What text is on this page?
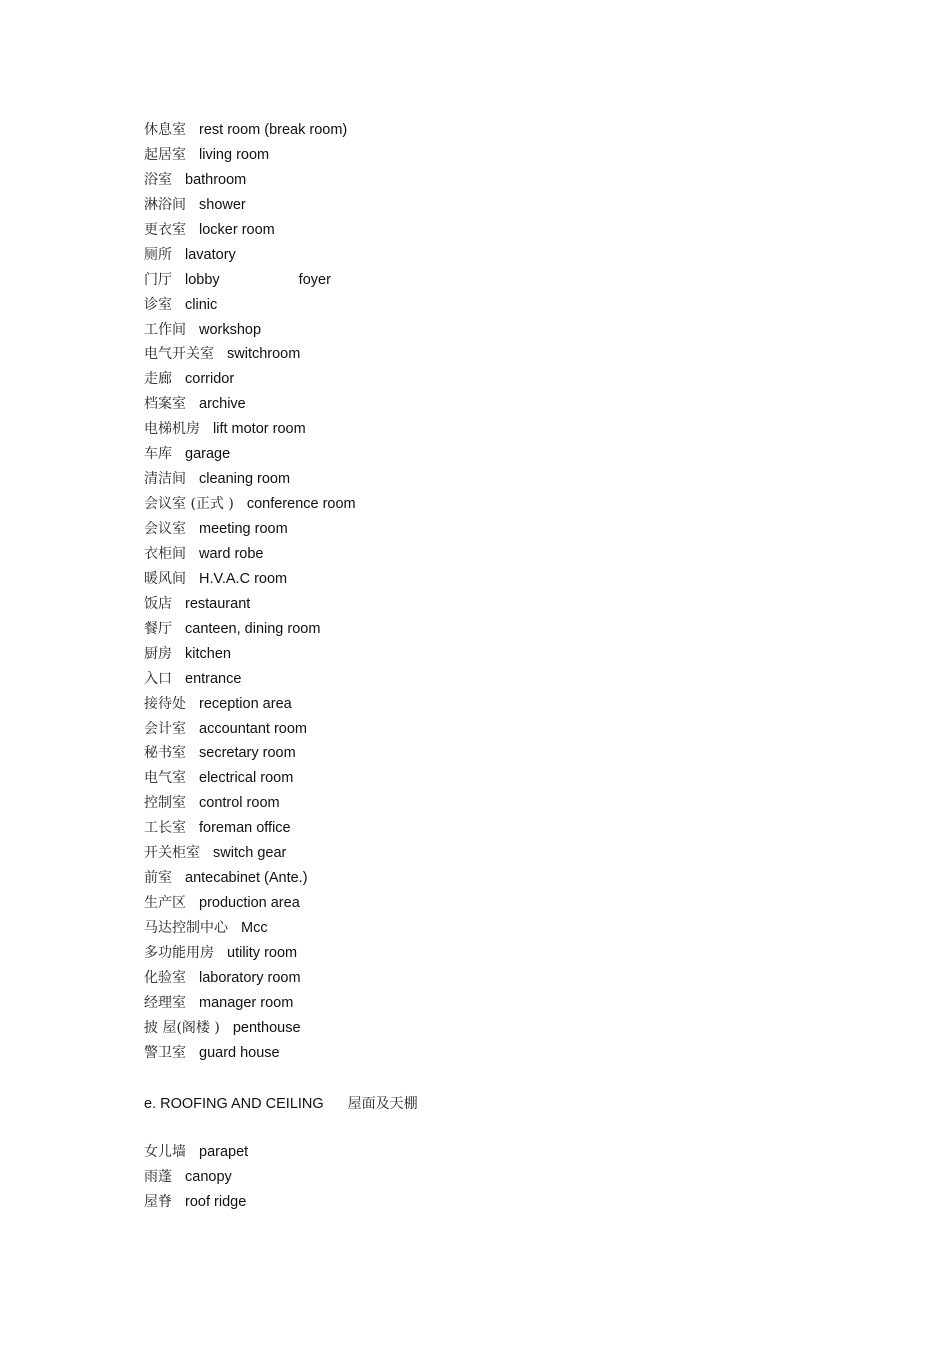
休息室 rest room (break room)
起居室 living room
浴室 bathroom
淋浴间 shower
更衣室 locker room
厕所 lavatory
门厅 lobby	foyer
诊室 clinic
工作间 workshop
电气开关室 switchroom
走廊 corridor
档案室 archive
电梯机房 lift motor room
车库 garage
清洁间 cleaning room
会议室 (正式 ) conference room
会议室 meeting room
衣柜间 ward robe
暖风间 H.V.A.C room
饭店 restaurant
餐厅 canteen, dining room
厨房 kitchen
入口 entrance
接待处 reception area
会计室 accountant room
秘书室 secretary room
电气室 electrical room
控制室 control room
工长室 foreman office
开关柜室 switch gear
前室 antecabinet (Ante.)
生产区 production area
马达控制中心 Mcc
多功能用房 utility room
化验室 laboratory room
经理室 manager room
披 屋(阁楼 ) penthouse
警卫室 guard house
e. ROOFING AND CEILING 屋面及天棚
女儿墙 parapet
雨蓬 canopy
屋脊 roof ridge
